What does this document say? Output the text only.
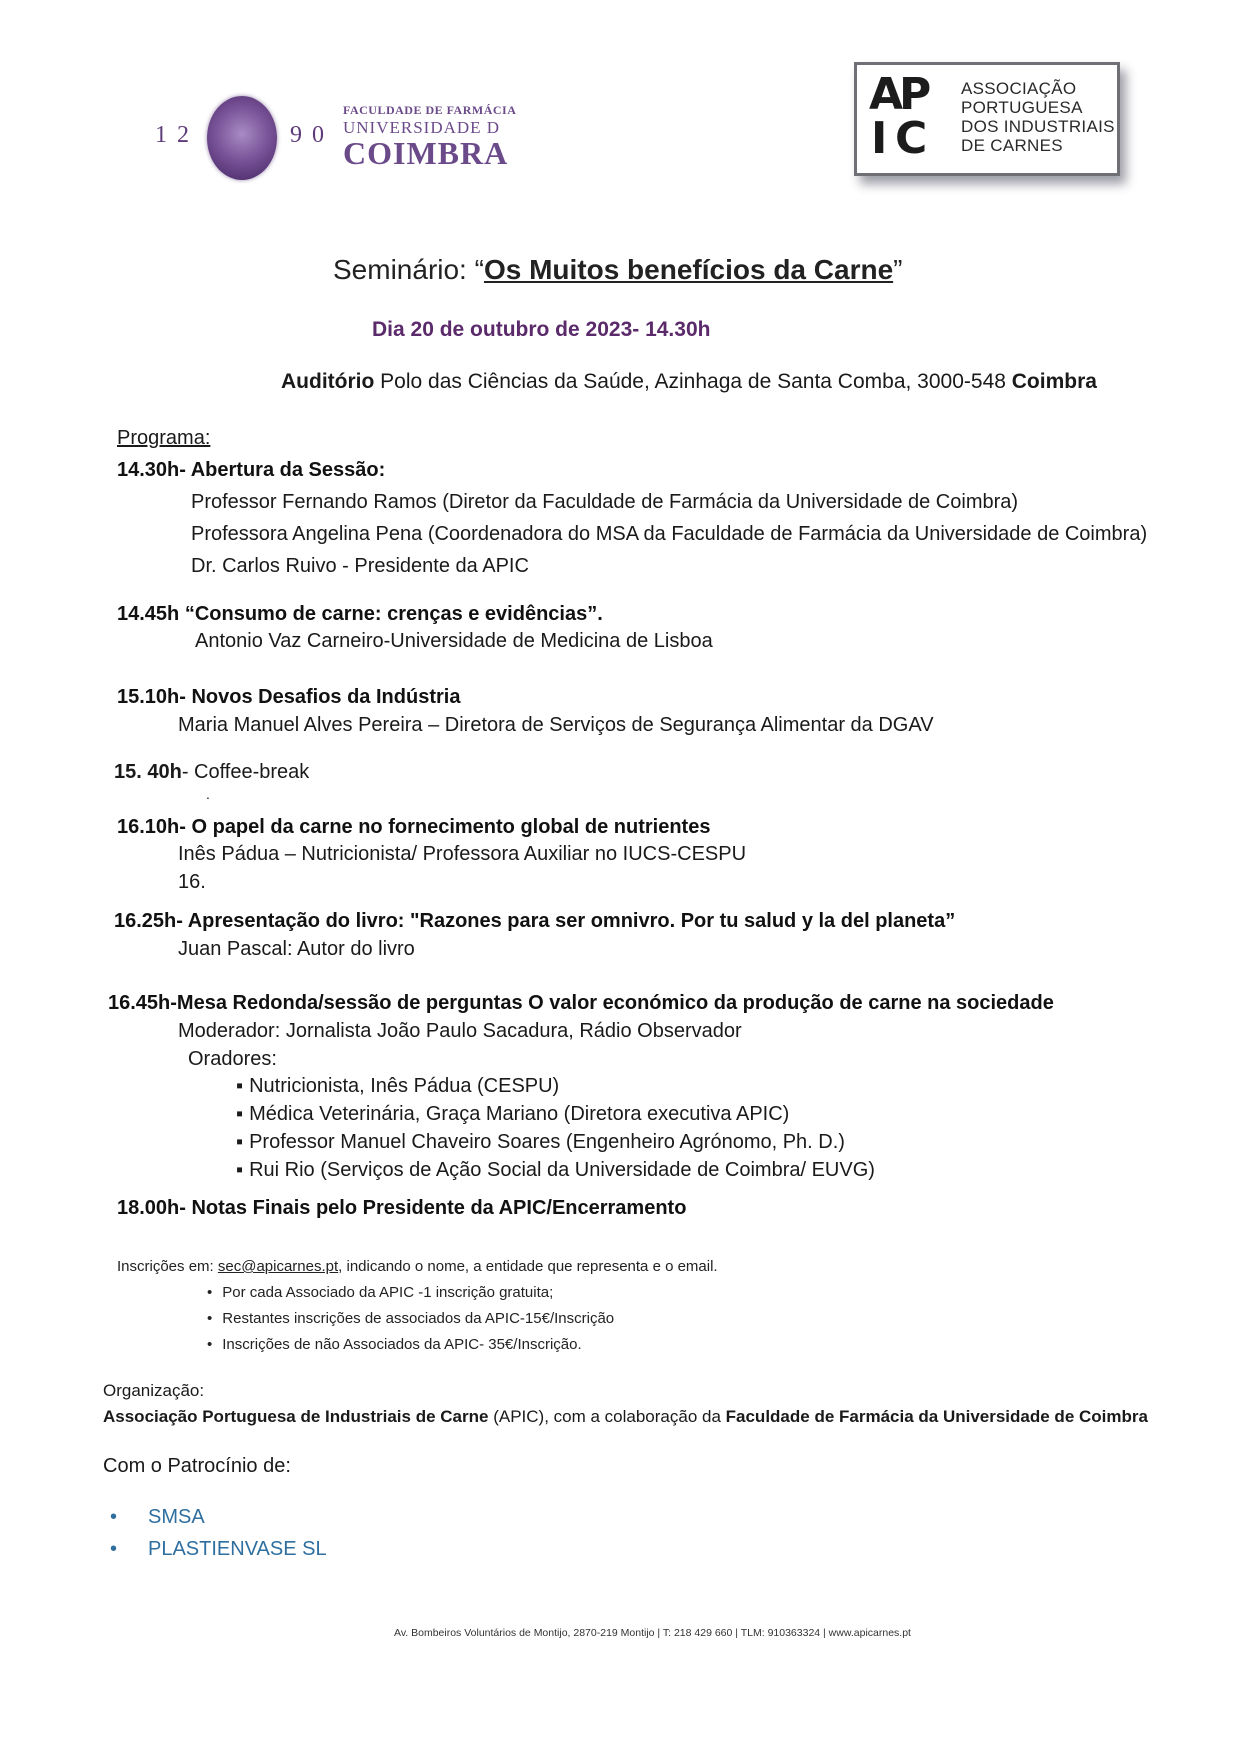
1 2	9 0
FACULDADE DE FARMÁCIA
UNIVERSIDADE D
COIMBRA
A
P
I C
ASSOCIAÇÃO
PORTUGUESA
DOS INDUSTRIAIS
DE CARNES
Seminário: “Os Muitos benefícios da Carne”
Dia 20 de outubro de 2023- 14.30h
Auditório Polo das Ciências da Saúde, Azinhaga de Santa Comba, 3000-548 Coimbra
Programa:
14.30h- Abertura da Sessão:
Professor Fernando Ramos (Diretor da Faculdade de Farmácia da Universidade de Coimbra)
Professora Angelina Pena (Coordenadora do MSA da Faculdade de Farmácia da Universidade de Coimbra)
Dr. Carlos Ruivo - Presidente da APIC
14.45h “Consumo de carne: crenças e evidências”.
Antonio Vaz Carneiro-Universidade de Medicina de Lisboa
15.10h- Novos Desafios da Indústria
Maria Manuel Alves Pereira – Diretora de Serviços de Segurança Alimentar da DGAV
15. 40h- Coffee-break
.
16.10h- O papel da carne no fornecimento global de nutrientes
Inês Pádua – Nutricionista/ Professora Auxiliar no IUCS-CESPU
16.
16.25h- Apresentação do livro: "Razones para ser omnivro. Por tu salud y la del planeta”
Juan Pascal: Autor do livro
16.45h-Mesa Redonda/sessão de perguntas O valor económico da produção de carne na sociedade
Moderador: Jornalista João Paulo Sacadura, Rádio Observador
Oradores:
▪ Nutricionista, Inês Pádua (CESPU)
▪ Médica Veterinária, Graça Mariano (Diretora executiva APIC)
▪ Professor Manuel Chaveiro Soares (Engenheiro Agrónomo, Ph. D.)
▪ Rui Rio (Serviços de Ação Social da Universidade de Coimbra/ EUVG)
18.00h- Notas Finais pelo Presidente da APIC/Encerramento
Inscrições em: sec@apicarnes.pt, indicando o nome, a entidade que representa e o email.
• Por cada Associado da APIC -1 inscrição gratuita;
• Restantes inscrições de associados da APIC-15€/Inscrição
• Inscrições de não Associados da APIC- 35€/Inscrição.
Organização:
Associação Portuguesa de Industriais de Carne (APIC), com a colaboração da Faculdade de Farmácia da Universidade de Coimbra
Com o Patrocínio de:
• SMSA
• PLASTIENVASE SL
Av. Bombeiros Voluntários de Montijo, 2870-219 Montijo | T: 218 429 660 | TLM: 910363324 | www.apicarnes.pt
